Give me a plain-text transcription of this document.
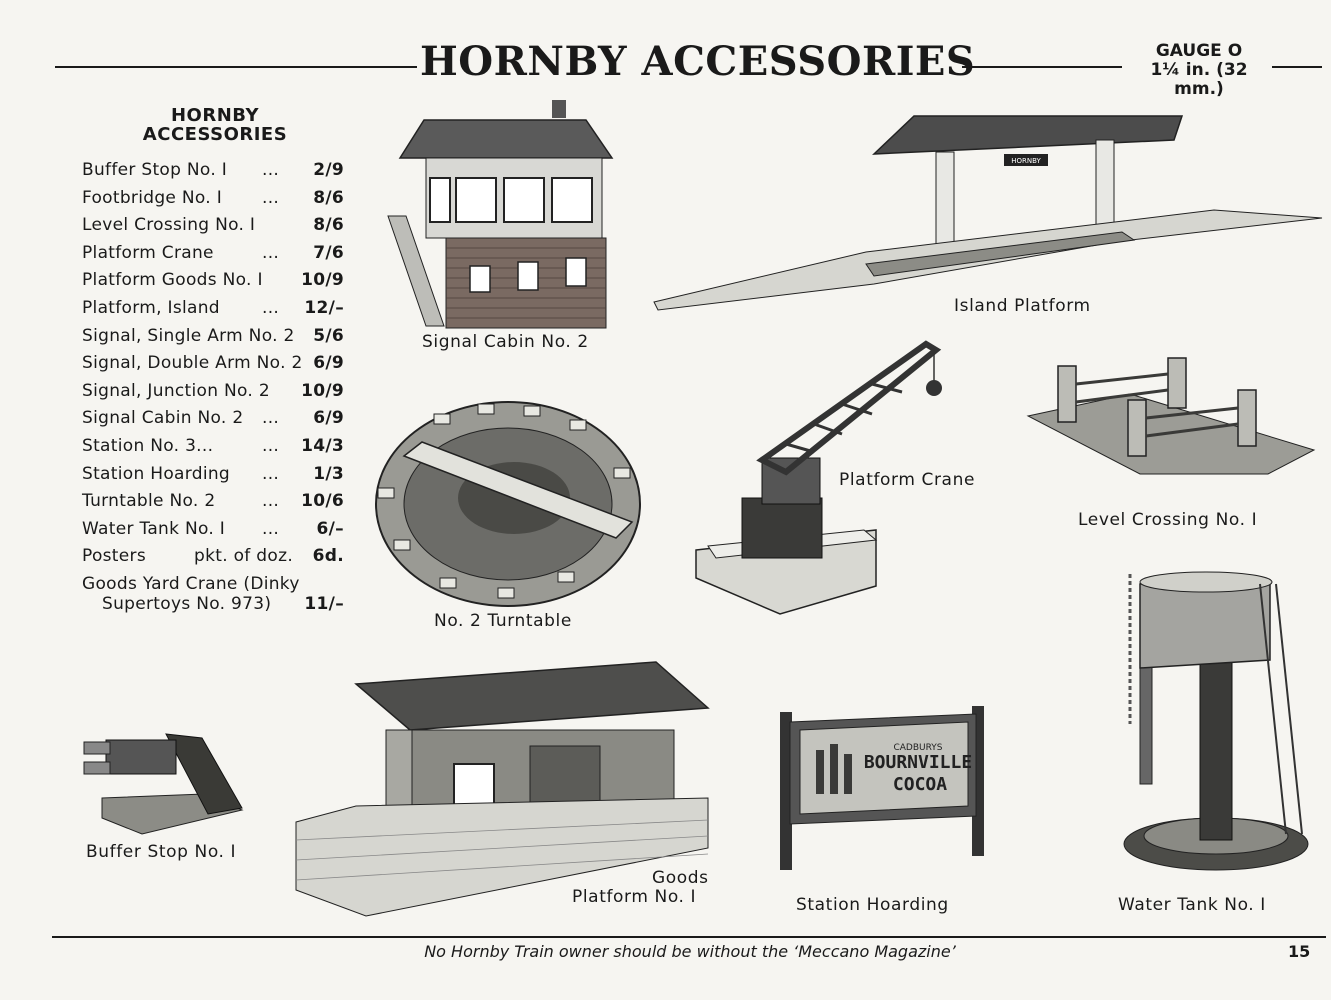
HORNBY ACCESSORIES	GAUGE O
1¼ in. (32 mm.)
HORNBY
ACCESSORIES
Buffer Stop No. I ... 2/9
Footbridge No. I ... 8/6
Level Crossing No. I	8/6
Platform Crane	... 7/6
Platform Goods No. I 10/9
Platform, Island ... 12/–
Signal, Single Arm No. 2 5/6
Signal, Double Arm No. 2 6/9
Signal, Junction No. 2 10/9
Signal Cabin No. 2 ... 6/9
Station No. 3...	... 14/3
Station Hoarding ... 1/3
Turntable No. 2	... 10/6
Water Tank No. I ... 6/–
Posters	pkt. of doz. 6d.
Goods Yard Crane (Dinky
Supertoys No. 973) 11/–
Signal Cabin No. 2
HORNBY
Island Platform
No. 2 Turntable
Platform Crane
Level Crossing No. I
Buffer Stop No. I
Goods
Platform No. I
CADBURYS
BOURNVILLE
COCOA
Station Hoarding	Water Tank No. I
No Hornby Train owner should be without the ‘Meccano Magazine’	15
